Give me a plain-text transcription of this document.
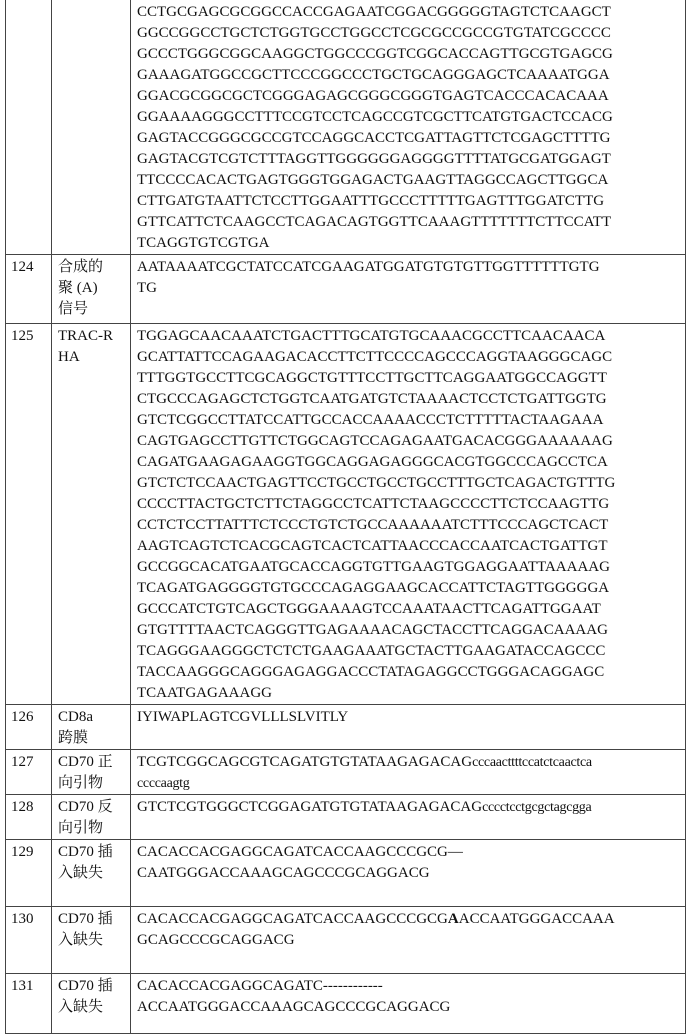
CCTGCGAGCGCGGCCACCGAGAATCGGACGGGGGTAGTCTCAAGCT
GGCCGGCCTGCTCTGGTGCCTGGCCTCGCGCCGCCGTGTATCGCCCC
GCCCTGGGCGGCAAGGCTGGCCCGGTCGGCACCAGTTGCGTGAGCG
GAAAGATGGCCGCTTCCCGGCCCTGCTGCAGGGAGCTCAAAATGGA
GGACGCGGCGCTCGGGAGAGCGGGCGGGTGAGTCACCCACACAAA
GGAAAAGGGCCTTTCCGTCCTCAGCCGTCGCTTCATGTGACTCCACG
GAGTACCGGGCGCCGTCCAGGCACCTCGATTAGTTCTCGAGCTTTTG
GAGTACGTCGTCTTTAGGTTGGGGGGAGGGGTTTTATGCGATGGAGT
TTCCCCACACTGAGTGGGTGGAGACTGAAGTTAGGCCAGCTTGGCA
CTTGATGTAATTCTCCTTGGAATTTGCCCTTTTTGAGTTTGGATCTTG
GTTCATTCTCAAGCCTCAGACAGTGGTTCAAAGTTTTTTTCTTCCATT
TCAGGTGTCGTGA

124	合成的
聚 (A)
信号

AATAAAATCGCTATCCATCGAAGATGGATGTGTGTTGGTTTTTTGTG
TG

125	TRAC-R
HA

TGGAGCAACAAATCTGACTTTGCATGTGCAAACGCCTTCAACAACA
GCATTATTCCAGAAGACACCTTCTTCCCCAGCCCAGGTAAGGGCAGC
TTTGGTGCCTTCGCAGGCTGTTTCCTTGCTTCAGGAATGGCCAGGTT
CTGCCCAGAGCTCTGGTCAATGATGTCTAAAACTCCTCTGATTGGTG
GTCTCGGCCTTATCCATTGCCACCAAAACCCTCTTTTTACTAAGAAA
CAGTGAGCCTTGTTCTGGCAGTCCAGAGAATGACACGGGAAAAAAG
CAGATGAAGAGAAGGTGGCAGGAGAGGGCACGTGGCCCAGCCTCA
GTCTCTCCAACTGAGTTCCTGCCTGCCTGCCTTTGCTCAGACTGTTTG
CCCCTTACTGCTCTTCTAGGCCTCATTCTAAGCCCCTTCTCCAAGTTG
CCTCTCCTTATTTCTCCCTGTCTGCCAAAAAATCTTTCCCAGCTCACT
AAGTCAGTCTCACGCAGTCACTCATTAACCCACCAATCACTGATTGT
GCCGGCACATGAATGCACCAGGTGTTGAAGTGGAGGAATTAAAAAG
TCAGATGAGGGGTGTGCCCAGAGGAAGCACCATTCTAGTTGGGGGA
GCCCATCTGTCAGCTGGGAAAAGTCCAAATAACTTCAGATTGGAAT
GTGTTTTAACTCAGGGTTGAGAAAACAGCTACCTTCAGGACAAAAG
TCAGGGAAGGGCTCTCTGAAGAAATGCTACTTGAAGATACCAGCCC
TACCAAGGGCAGGGAGAGGACCCTATAGAGGCCTGGGACAGGAGC
TCAATGAGAAAGG

126	CD8a
跨膜

IYIWAPLAGTCGVLLLSLVITLY

127	CD70 正
向引物

TCGTCGGCAGCGTCAGATGTGTATAAGAGACAGcccaacttttccatctcaactca
ccccaagtg

128	CD70 反
向引物

GTCTCGTGGGCTCGGAGATGTGTATAAGAGACAGcccctcctgcgctagcgga

129	CD70 插
入缺失

CACACCACGAGGCAGATCACCAAGCCCGCG—
CAATGGGACCAAAGCAGCCCGCAGGACG

130	CD70 插
入缺失

CACACCACGAGGCAGATCACCAAGCCCGCGAACCAATGGGACCAAA
GCAGCCCGCAGGACG

131	CD70 插
入缺失

CACACCACGAGGCAGATC------------
ACCAATGGGACCAAAGCAGCCCGCAGGACG
